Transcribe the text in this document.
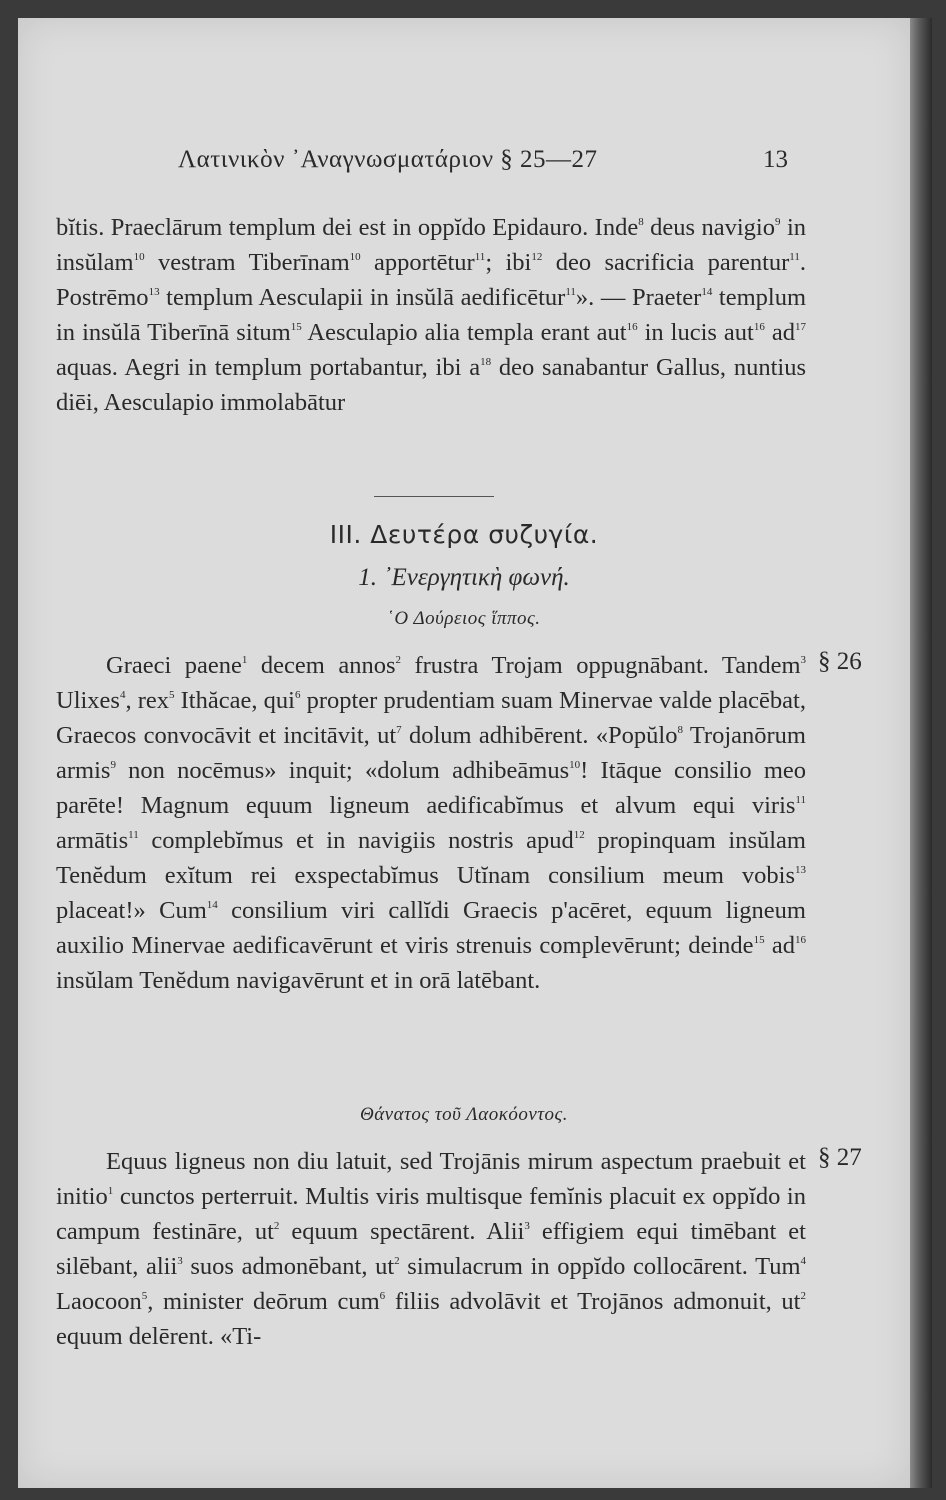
Λατινικὸν ᾿Αναγνωσματάριον § 25—27	13

bĭtis. Praeclārum templum dei est in oppĭdo Epidauro. Inde$^8$ deus navigio$^9$ in insŭlam$^{10}$ vestram Tiberīnam$^{10}$ apportētur$^{11}$; ibi$^{12}$ deo sacrificia parentur$^{11}$. Postrēmo$^{13}$ templum Aesculapii in insŭlā aedificētur$^{11}$». — Praeter$^{14}$ templum in insŭlā Tiberīnā situm$^{15}$ Aesculapio alia templa erant aut$^{16}$ in lucis aut$^{16}$ $ad^{17}$ aquas. Aegri in templum portabantur, ibi $a^{18}$ deo sanabantur Gallus, nuntius diēi, Aesculapio immolabātur

III. Δευτέρα συζυγία.
1. ᾿Ενεργητικὴ φωνή.
῾Ο Δούρειος ἵππος.
§ 26

Graeci paene$^1$ decem annos$^2$ frustra Trojam oppugnābant. Tandem$^3$ Ulixes$^4$, rex$^5$ Ithăcae, qui$^6$ propter prudentiam suam Minervae valde placēbat, Graecos convocāvit et incitāvit, $ut^7$ dolum adhibērent. «Popŭlo$^8$ Trojanōrum armis$^9$ non nocēmus» inquit; «dolum adhibeāmus$^{10}$! Itāque consilio meo parēte! Magnum equum ligneum aedificabĭmus et alvum equi viris$^{11}$ armātis$^{11}$ complebĭmus et in navigiis nostris apud$^{12}$ propinquam insŭlam Tenĕdum exĭtum rei exspectabĭmus Utĭnam consilium meum vobis$^{13}$ placeat!» Cum$^{14}$ consilium viri callĭdi Graecis p'acēret, equum ligneum auxilio Minervae aedificavērunt et viris strenuis complevērunt; deinde$^{15}$ $ad^{16}$ insŭlam Tenĕdum navigavērunt et in orā latēbant.

Θάνατος τοῦ Λαοκόοντος.
§ 27

Equus ligneus non diu latuit, sed Trojānis mirum aspectum praebuit et initio$^1$ cunctos perterruit. Multis viris multisque femĭnis placuit ex oppĭdo in campum festināre, $ut^2$ equum spectārent. Alii$^3$ effigiem equi timēbant et silēbant, alii$^3$ suos admonēbant, $ut^2$ simulacrum in oppĭdo collocārent. Tum$^4$ Laocoon$^5$, minister deōrum cum$^6$ filiis advolāvit et Trojānos admonuit, $ut^2$ equum delērent. «Ti-
